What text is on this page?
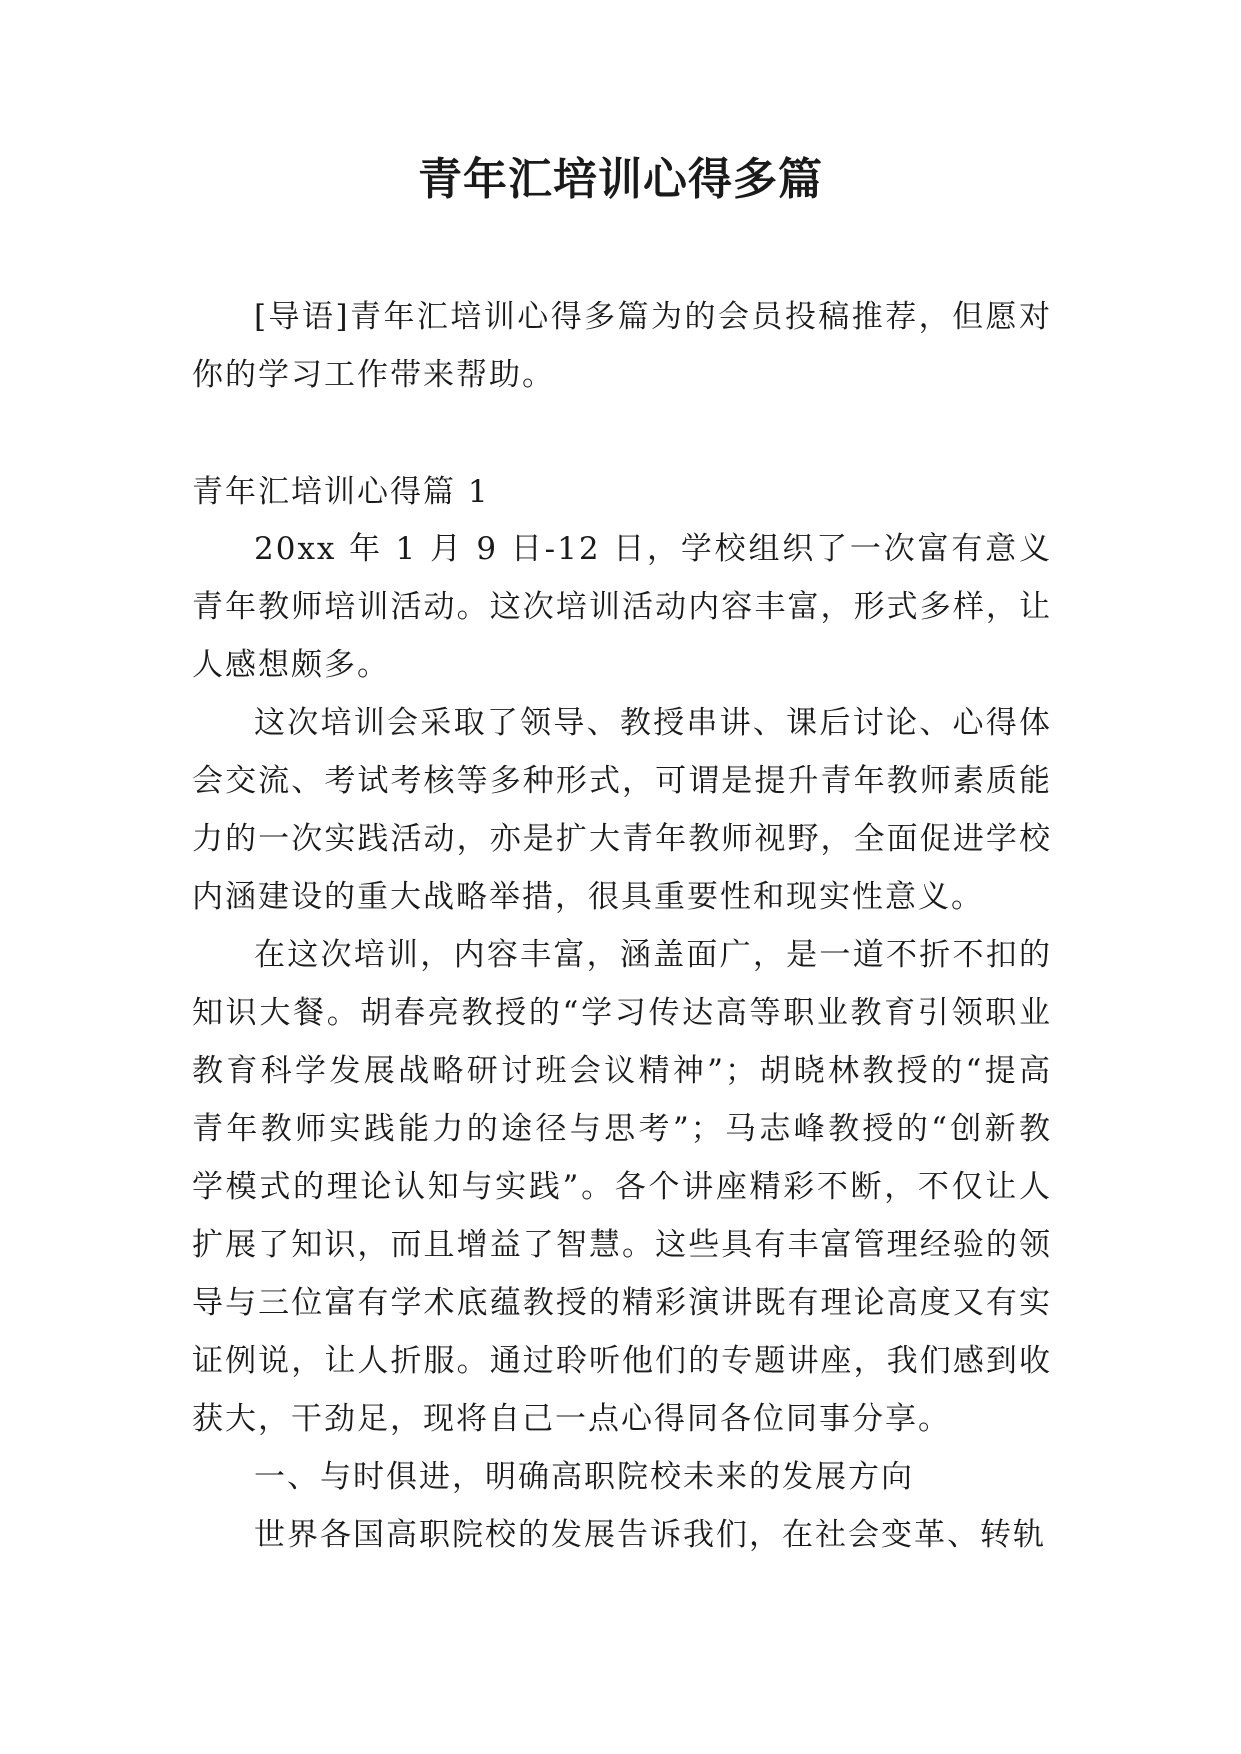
青年汇培训心得多篇

[导语]青年汇培训心得多篇为的会员投稿推荐，但愿对你的学习工作带来帮助。

青年汇培训心得篇 1

20xx 年 1 月 9 日-12 日，学校组织了一次富有意义青年教师培训活动。这次培训活动内容丰富，形式多样，让人感想颇多。

这次培训会采取了领导、教授串讲、课后讨论、心得体会交流、考试考核等多种形式，可谓是提升青年教师素质能力的一次实践活动，亦是扩大青年教师视野，全面促进学校内涵建设的重大战略举措，很具重要性和现实性意义。

在这次培训，内容丰富，涵盖面广，是一道不折不扣的知识大餐。胡春亮教授的“学习传达高等职业教育引领职业教育科学发展战略研讨班会议精神”；胡晓林教授的“提高青年教师实践能力的途径与思考”；马志峰教授的“创新教学模式的理论认知与实践”。各个讲座精彩不断，不仅让人扩展了知识，而且增益了智慧。这些具有丰富管理经验的领导与三位富有学术底蕴教授的精彩演讲既有理论高度又有实证例说，让人折服。通过聆听他们的专题讲座，我们感到收获大，干劲足，现将自己一点心得同各位同事分享。

一、与时俱进，明确高职院校未来的发展方向

世界各国高职院校的发展告诉我们，在社会变革、转轨
